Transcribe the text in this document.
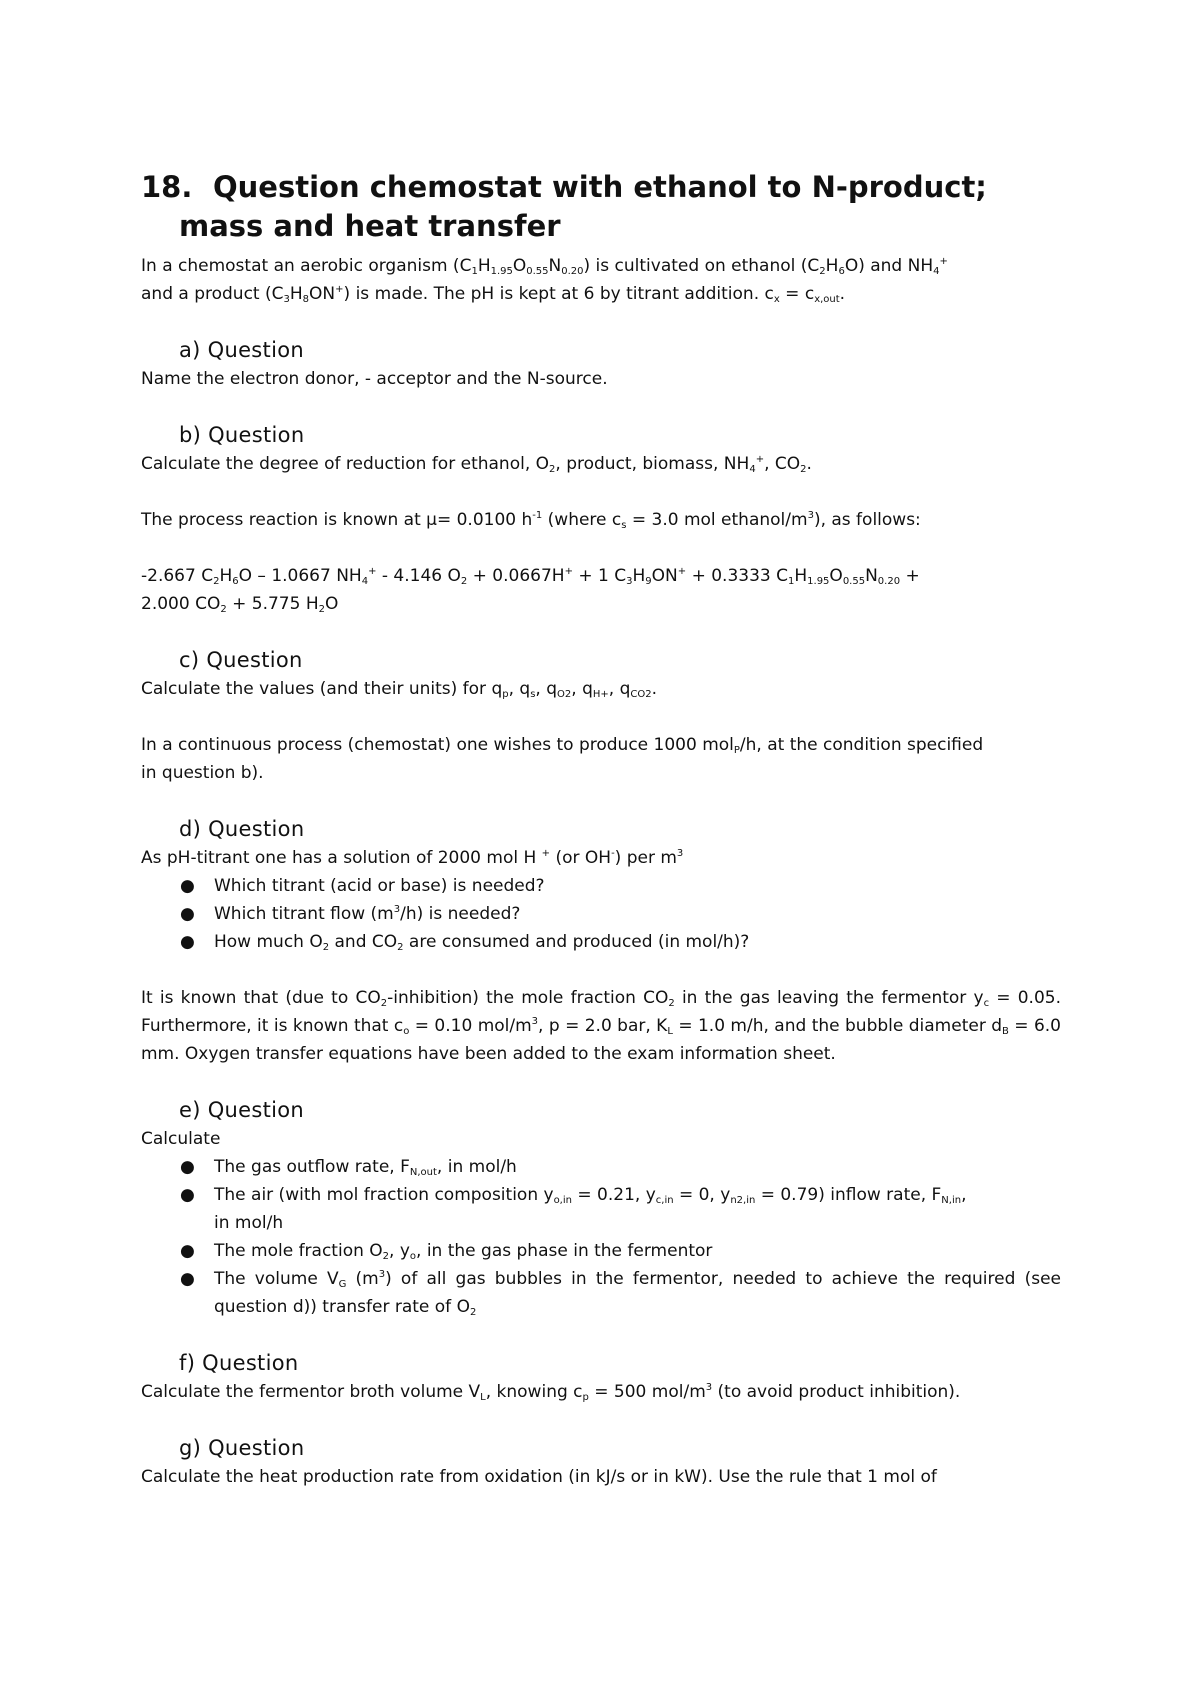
18. Question chemostat with ethanol to N-product;
mass and heat transfer

In a chemostat an aerobic organism $(C_1H_{1.95}O_{0.55}N_{0.20})$ is cultivated on ethanol $(C_2H_6O)$ and $NH_4^+$
and a product $(C_3H_8ON^+)$ is made. The pH is kept at 6 by titrant addition. $c_x = c_{x,out}$.

a) Question

Name the electron donor, - acceptor and the N-source.

b) Question

Calculate the degree of reduction for ethanol, $O_2$, product, biomass, $NH_4^+$, $CO_2$.

The process reaction is known at μ= 0.0100 $h^{-1}$ (where $c_s = 3.0$ mol ethanol/$m^3$), as follows:

-2.667 $C_2H_6O - 1.0667$ $NH_4^+ - 4.146$ $O_2 + 0.0667H^+ + 1$ $C_3H_9ON^+ + 0.3333$ $C_1H_{1.95}O_{0.55}N_{0.20}$ +
2.000 $CO_2 + 5.775$ $H_2O$

c) Question

Calculate the values (and their units) for $q_p$, $q_s$, $q_{O2}$, $q_{H+}$, $q_{CO2}$.

In a continuous process (chemostat) one wishes to produce 1000 mol$_P$/h, at the condition specified
in question b).

d) Question

As pH-titrant one has a solution of 2000 mol H + (or OH-) per $m^3$

● Which titrant (acid or base) is needed?
● Which titrant flow $(m^3/h)$ is needed?
● How much $O_2$ and $CO_2$ are consumed and produced (in mol/h)?

It is known that (due to $CO_2-inhibition$) the mole fraction $CO_2$ in the gas leaving the fermentor $y_c = 0.05$. Furthermore, it is known that $c_o = 0.10$ mol/$m^3$, p = 2.0 bar, $K_L = 1.0$ m/h, and the bubble diameter $d_B = 6.0$ mm. Oxygen transfer equations have been added to the exam information sheet.

e) Question

Calculate

● The gas outflow rate, $F_{N,out}$, in mol/h
● The air (with mol fraction composition $y_{o,in} = 0.21$, $y_{c,in} = 0$, $y_{n2,in} = 0.79$) inflow rate, $F_{N,in}$,
in mol/h
● The mole fraction $O_2$, $y_o$, in the gas phase in the fermentor
● The volume $V_G$ $(m^3)$ of all gas bubbles in the fermentor, needed to achieve the required (see question d)) transfer rate of $O_2$
f) Question

Calculate the fermentor broth volume $V_L$, knowing $c_p = 500$ mol/$m^3$ (to avoid product inhibition).

g) Question

Calculate the heat production rate from oxidation (in kJ/s or in kW). Use the rule that 1 mol of
